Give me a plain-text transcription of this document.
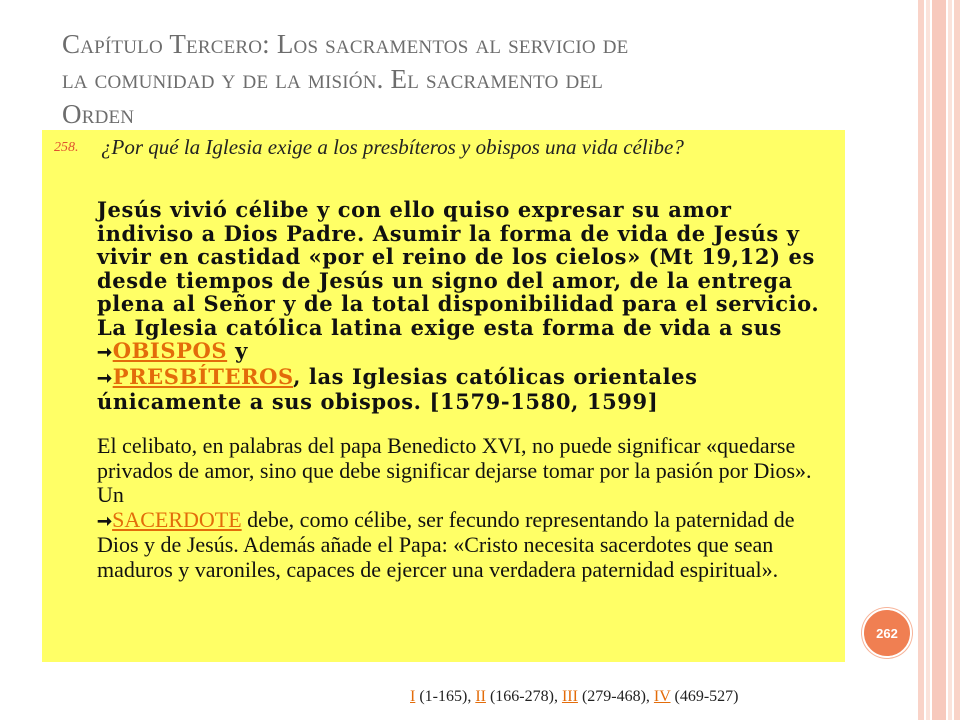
Capítulo Tercero: Los sacramentos al servicio de
la comunidad y de la misión. El sacramento del
Orden
258. ¿Por qué la Iglesia exige a los presbíteros y obispos una vida célibe?
Jesús vivió célibe y con ello quiso expresar su amor indiviso a Dios Padre. Asumir la forma de vida de Jesús y vivir en castidad «por el reino de los cielos» (Mt 19,12) es desde tiempos de Jesús un signo del amor, de la entrega plena al Señor y de la total disponibilidad para el servicio. La Iglesia católica latina exige esta forma de vida a sus ➞OBISPOS y
➞PRESBÍTEROS, las Iglesias católicas orientales únicamente a sus obispos. [1579-1580, 1599]
El celibato, en palabras del papa Benedicto XVI, no puede significar «quedarse privados de amor, sino que debe significar dejarse tomar por la pasión por Dios». Un
➞SACERDOTE debe, como célibe, ser fecundo representando la paternidad de Dios y de Jesús. Además añade el Papa: «Cristo necesita sacerdotes que sean maduros y varoniles, capaces de ejercer una verdadera paternidad espiritual».
262
I (1-165), II (166-278), III (279-468), IV (469-527)
